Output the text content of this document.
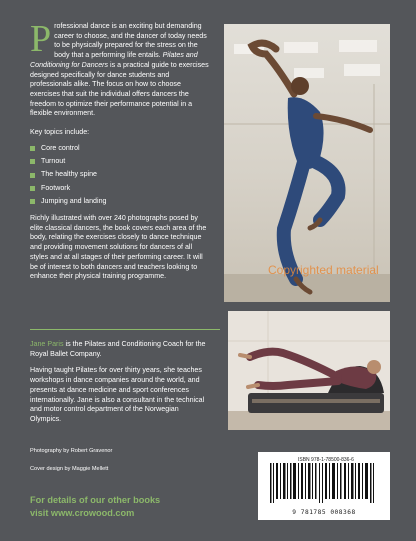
Professional dance is an exciting but demanding career to choose, and the dancer of today needs to be physically prepared for the stress on the body that a performing life entails. Pilates and Conditioning for Dancers is a practical guide to exercises designed specifically for dance students and professionals alike. The focus on how to choose exercises that suit the individual offers dancers the freedom to optimize their performance potential in a flexible environment.

Key topics include:

Core control
Turnout
The healthy spine
Footwork
Jumping and landing

Richly illustrated with over 240 photographs posed by elite classical dancers, the book covers each area of the body, relating the exercises closely to dance technique and providing movement solutions for dancers of all styles and at all stages of their performing career. It will be of interest to both dancers and teachers looking to enhance their physical training programme.

Jane Paris is the Pilates and Conditioning Coach for the Royal Ballet Company.

Having taught Pilates for over thirty years, she teaches workshops in dance companies around the world, and presents at dance medicine and sport conferences internationally. Jane is also a consultant in the technical and motor control department of the Norwegian Olympics.

Photography by Robert Gravenor

Cover design by Maggie Mellett

For details of our other books
visit www.crowood.com
Copyrighted material
ISBN 978-1-78500-836-6
9 781785 008368
